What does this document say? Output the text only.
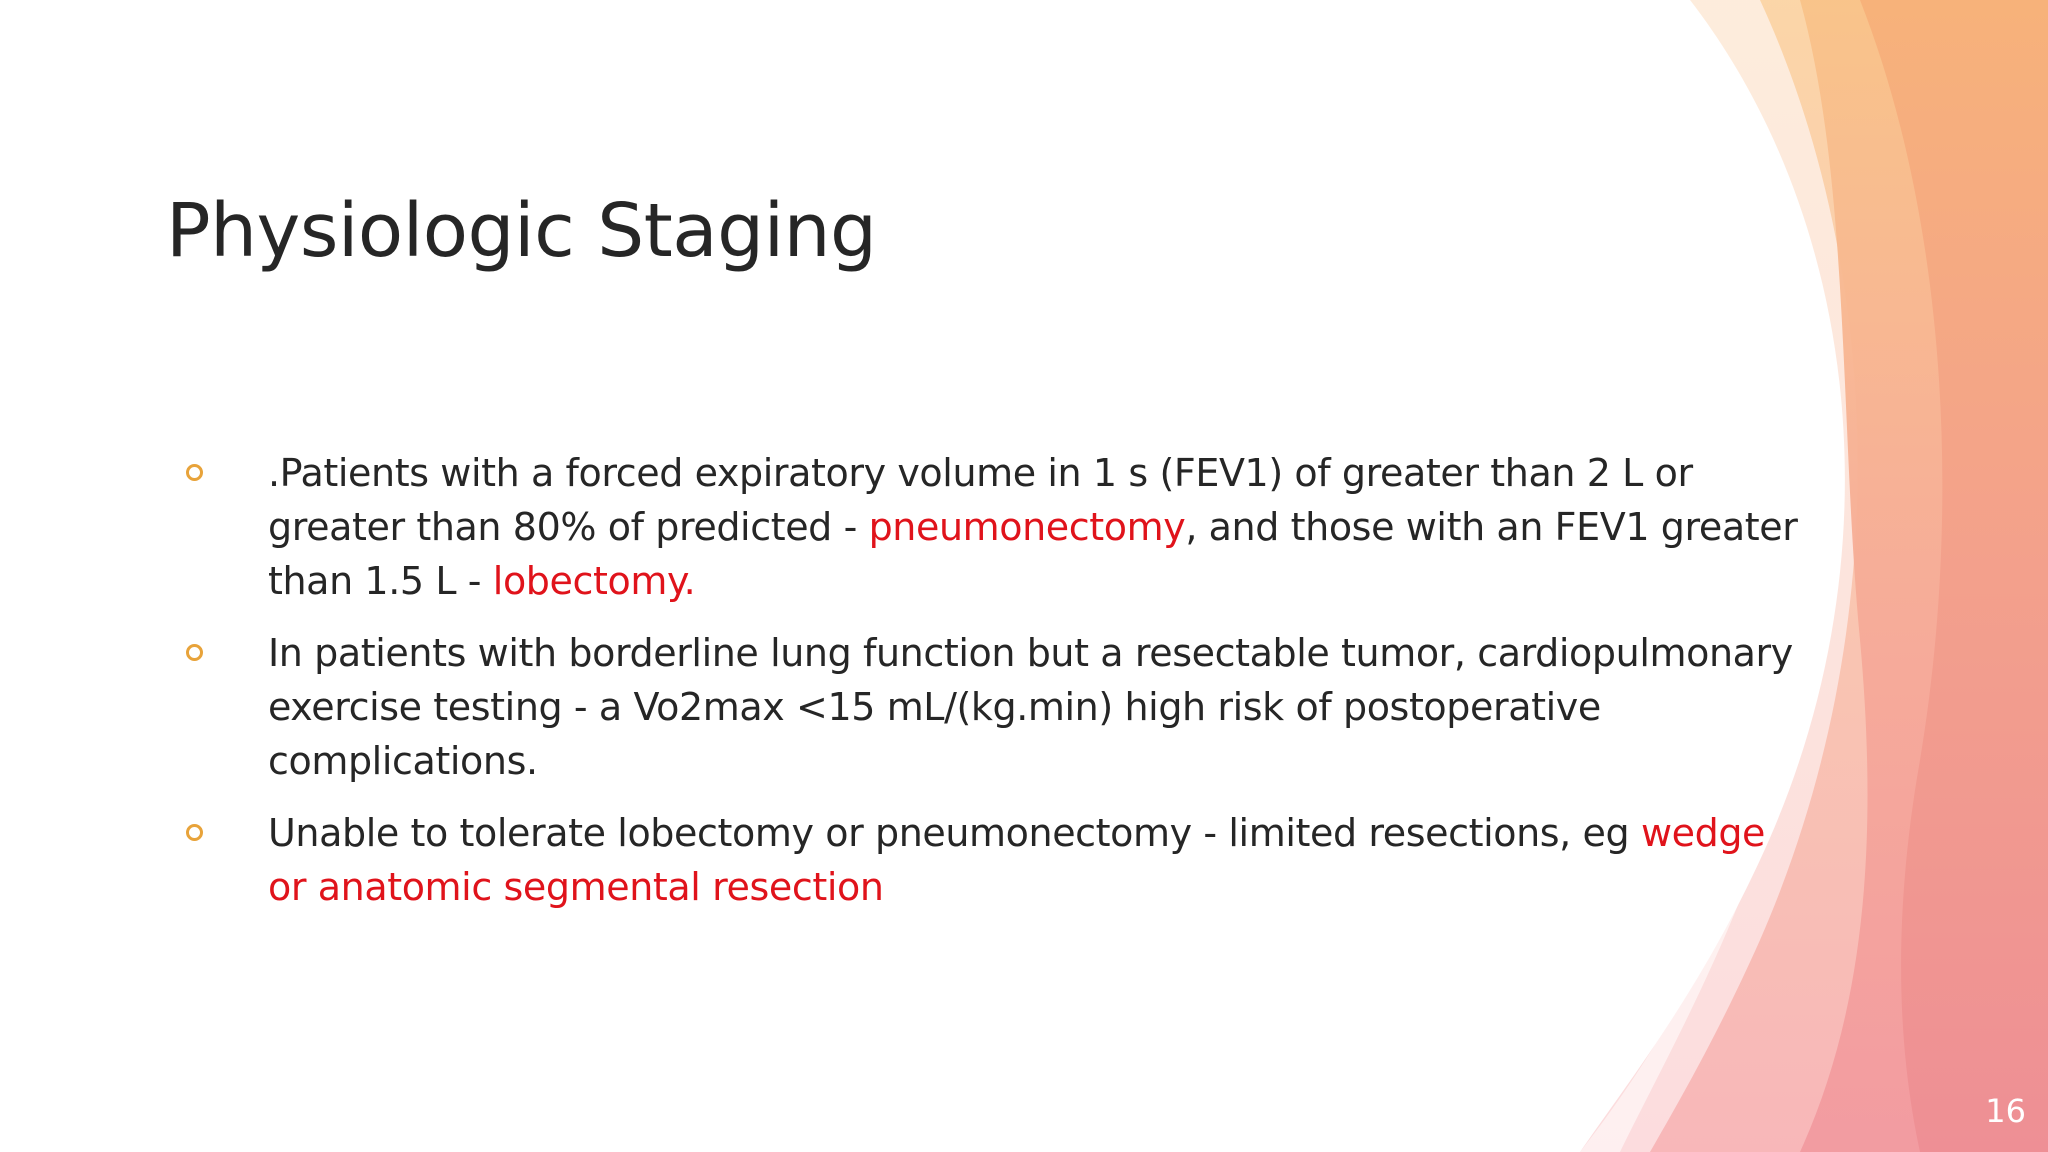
Physiologic Staging
.Patients with a forced expiratory volume in 1 s (FEV1) of greater than 2 L or greater than 80% of predicted - pneumonectomy, and those with an FEV1 greater than 1.5 L - lobectomy.
In patients with borderline lung function but a resectable tumor, cardiopulmonary exercise testing - a Vo2max <15 mL/(kg.min) high risk of postoperative complications.
Unable to tolerate lobectomy or pneumonectomy - limited resections, eg wedge or anatomic segmental resection
16
